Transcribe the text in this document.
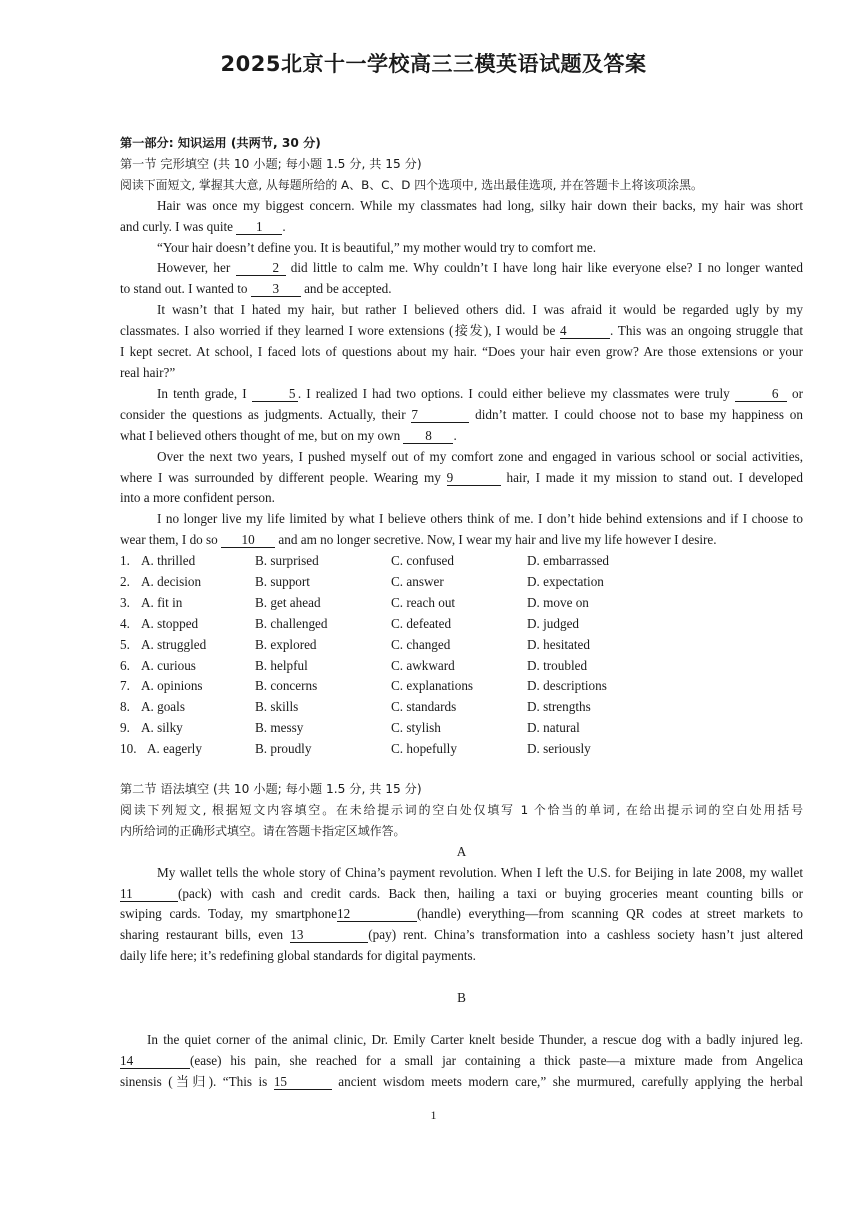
2025北京十一学校高三三模英语试题及答案
第一部分: 知识运用 (共两节, 30 分)
第一节 完形填空 (共 10 小题; 每小题 1.5 分, 共 15 分)
阅读下面短文, 掌握其大意, 从每题所给的 A、B、C、D 四个选项中, 选出最佳选项, 并在答题卡上将该项涂黑。
Hair was once my biggest concern. While my classmates had long, silky hair down their backs, my hair was short
and curly. I was quite 1 .
“Your hair doesn’t define you. It is beautiful,” my mother would try to comfort me.
However, her	2 did little to calm me. Why couldn’t I have long hair like everyone else? I no longer wanted
to stand out. I wanted to 3 and be accepted.
It wasn’t that I hated my hair, but rather I believed others did. I was afraid it would be regarded ugly by my
classmates. I also worried if they learned I wore extensions (接发), I would be 4	. This was an ongoing struggle that
I kept secret. At school, I faced lots of questions about my hair. “Does your hair even grow? Are those extensions or your
real hair?”
In tenth grade, I	5 . I realized I had two options. I could either believe my classmates were truly	6 or
consider the questions as judgments. Actually, their 7	didn’t matter. I could choose not to base my happiness on
what I believed others thought of me, but on my own 8 .
Over the next two years, I pushed myself out of my comfort zone and engaged in various school or social activities,
where I was surrounded by different people. Wearing my 9	hair, I made it my mission to stand out. I developed
into a more confident person.
I no longer live my life limited by what I believe others think of me. I don’t hide behind extensions and if I choose to
wear them, I do so 10 and am no longer secretive. Now, I wear my hair and live my life however I desire.
1. A. thrilled	B. surprised	C. confused	D. embarrassed
2. A. decision	B. support	C. answer	D. expectation
3. A. fit in	B. get ahead	C. reach out	D. move on
4. A. stopped	B. challenged	C. defeated	D. judged
5. A. struggled	B. explored	C. changed	D. hesitated
6. A. curious	B. helpful	C. awkward	D. troubled
7. A. opinions	B. concerns	C. explanations	D. descriptions
8. A. goals	B. skills	C. standards	D. strengths
9. A. silky	B. messy	C. stylish	D. natural
10. A. eagerly	B. proudly	C. hopefully	D. seriously
第二节 语法填空 (共 10 小题; 每小题 1.5 分, 共 15 分)
阅读下列短文, 根据短文内容填空。在未给提示词的空白处仅填写 1 个恰当的单词, 在给出提示词的空白处用括号
内所给词的正确形式填空。请在答题卡指定区域作答。
A
My wallet tells the whole story of China’s payment revolution. When I left the U.S. for Beijing in late 2008, my wallet
11	(pack) with cash and credit cards. Back then, hailing a taxi or buying groceries meant counting bills or
swiping cards. Today, my smartphone12	(handle) everything—from scanning QR codes at street markets to
sharing restaurant bills, even 13	(pay) rent. China’s transformation into a cashless society hasn’t just altered
daily life here; it’s redefining global standards for digital payments.
B
In the quiet corner of the animal clinic, Dr. Emily Carter knelt beside Thunder, a rescue dog with a badly injured leg.
14	(ease) his pain, she reached for a small jar containing a thick paste—a mixture made from Angelica
sinensis (当归). “This is 15	ancient wisdom meets modern care,” she murmured, carefully applying the herbal
1
